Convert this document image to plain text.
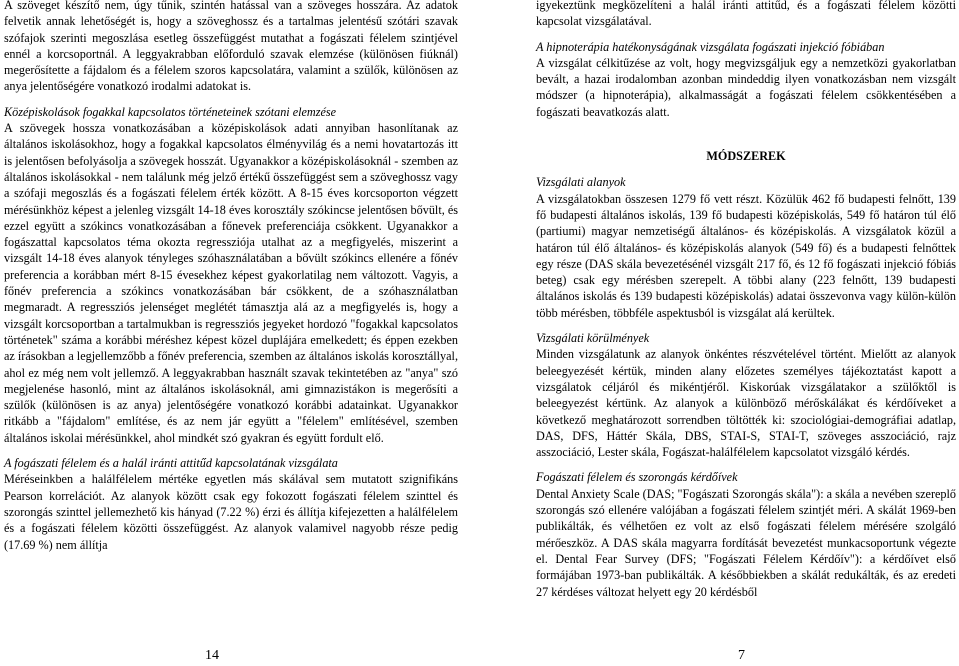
A szöveget készítő nem, úgy tűnik, szintén hatással van a szöveges hosszára. Az adatok felvetik annak lehetőségét is, hogy a szöveghossz és a tartalmas jelentésű szótári szavak szófajok szerinti megoszlása esetleg összefüggést mutathat a fogászati félelem szintjével ennél a korcsoportnál. A leggyakrabban előforduló szavak elemzése (különösen fiúknál) megerősítette a fájdalom és a félelem szoros kapcsolatára, valamint a szülők, különösen az anya jelentőségére vonatkozó irodalmi adatokat is.

Középiskolások fogakkal kapcsolatos történeteinek szótani elemzése

A szövegek hossza vonatkozásában a középiskolások adati annyiban hasonlítanak az általános iskolásokhoz, hogy a fogakkal kapcsolatos élményvilág és a nemi hovatartozás itt is jelentősen befolyásolja a szövegek hosszát. Ugyanakkor a középiskolásoknál - szemben az általános iskolásokkal - nem találunk még jelző értékű összefüggést sem a szöveghossz vagy a szófaji megoszlás és a fogászati félelem érték között. A 8-15 éves korcsoporton végzett mérésünkhöz képest a jelenleg vizsgált 14-18 éves korosztály szókincse jelentősen bővült, és ezzel együtt a szókincs vonatkozásában a főnevek preferenciája csökkent. Ugyanakkor a fogászattal kapcsolatos téma okozta regressziója utalhat az a megfigyelés, miszerint a vizsgált 14-18 éves alanyok tényleges szóhasználatában a bővült szókincs ellenére a főnév preferencia a korábban mért 8-15 évesekhez képest gyakorlatilag nem változott. Vagyis, a főnév preferencia a szókincs vonatkozásában bár csökkent, de a szóhasználatban megmaradt. A regressziós jelenséget meglétét támasztja alá az a megfigyelés is, hogy a vizsgált korcsoportban a tartalmukban is regressziós jegyeket hordozó "fogakkal kapcsolatos történetek" száma a korábbi méréshez képest közel duplájára emelkedett; és éppen ezekben az írásokban a legjellemzőbb a főnév preferencia, szemben az általános iskolás korosztállyal, ahol ez még nem volt jellemző. A leggyakrabban használt szavak tekintetében az "anya" szó megjelenése hasonló, mint az általános iskolásoknál, ami gimnazistákon is megerősíti a szülők (különösen is az anya) jelentőségére vonatkozó korábbi adatainkat. Ugyanakkor ritkább a "fájdalom" említése, és az nem jár együtt a "félelem" említésével, szemben általános iskolai mérésünkkel, ahol mindkét szó gyakran és együtt fordult elő.

A fogászati félelem és a halál iránti attitűd kapcsolatának vizsgálata

Méréseinkben a halálfélelem mértéke egyetlen más skálával sem mutatott szignifikáns Pearson korrelációt. Az alanyok között csak egy fokozott fogászati félelem szinttel és szorongás szinttel jellemezhető kis hányad (7.22 %) érzi és állítja kifejezetten a halálfélelem és a fogászati félelem közötti összefüggést. Az alanyok valamivel nagyobb része pedig (17.69 %) nem állítja

igyekeztünk megközelíteni a halál iránti attitűd, és a fogászati félelem közötti kapcsolat vizsgálatával.

A hipnoterápia hatékonyságának vizsgálata fogászati injekció fóbiában

A vizsgálat célkitűzése az volt, hogy megvizsgáljuk egy a nemzetközi gyakorlatban bevált, a hazai irodalomban azonban mindeddig ilyen vonatkozásban nem vizsgált módszer (a hipnoterápia), alkalmasságát a fogászati félelem csökkentésében a fogászati beavatkozás alatt.

MÓDSZEREK

Vizsgálati alanyok

A vizsgálatokban összesen 1279 fő vett részt. Közülük 462 fő budapesti felnőtt, 139 fő budapesti általános iskolás, 139 fő budapesti középiskolás, 549 fő határon túl élő (partiumi) magyar nemzetiségű általános- és középiskolás. A vizsgálatok közül a határon túl élő általános- és középiskolás alanyok (549 fő) és a budapesti felnőttek egy része (DAS skála bevezetésénél vizsgált 217 fő, és 12 fő fogászati injekció fóbiás beteg) csak egy mérésben szerepelt. A többi alany (223 felnőtt, 139 budapesti általános iskolás és 139 budapesti középiskolás) adatai összevonva vagy külön-külön több mérésben, többféle aspektusból is vizsgálat alá kerültek.

Vizsgálati körülmények

Minden vizsgálatunk az alanyok önkéntes részvételével történt. Mielőtt az alanyok beleegyezését kértük, minden alany előzetes személyes tájékoztatást kapott a vizsgálatok céljáról és mikéntjéről. Kiskorúak vizsgálatakor a szülőktől is beleegyezést kértünk. Az alanyok a különböző mérőskálákat és kérdőíveket a következő meghatározott sorrendben töltötték ki: szociológiai-demográfiai adatlap, DAS, DFS, Háttér Skála, DBS, STAI-S, STAI-T, szöveges asszociáció, rajz asszociáció, Lester skála, Fogászat-halálfélelem kapcsolatot vizsgáló kérdés.

Fogászati félelem és szorongás kérdőívek

Dental Anxiety Scale (DAS; "Fogászati Szorongás skála"): a skála a nevében szereplő szorongás szó ellenére valójában a fogászati félelem szintjét méri. A skálát 1969-ben publikálták, és vélhetően ez volt az első fogászati félelem mérésére szolgáló mérőeszköz. A DAS skála magyarra fordítását bevezetést munkacsoportunk végezte el. Dental Fear Survey (DFS; "Fogászati Félelem Kérdőív"): a kérdőívet első formájában 1973-ban publikálták. A későbbiekben a skálát redukálták, és az eredeti 27 kérdéses változat helyett egy 20 kérdésből

14	7
